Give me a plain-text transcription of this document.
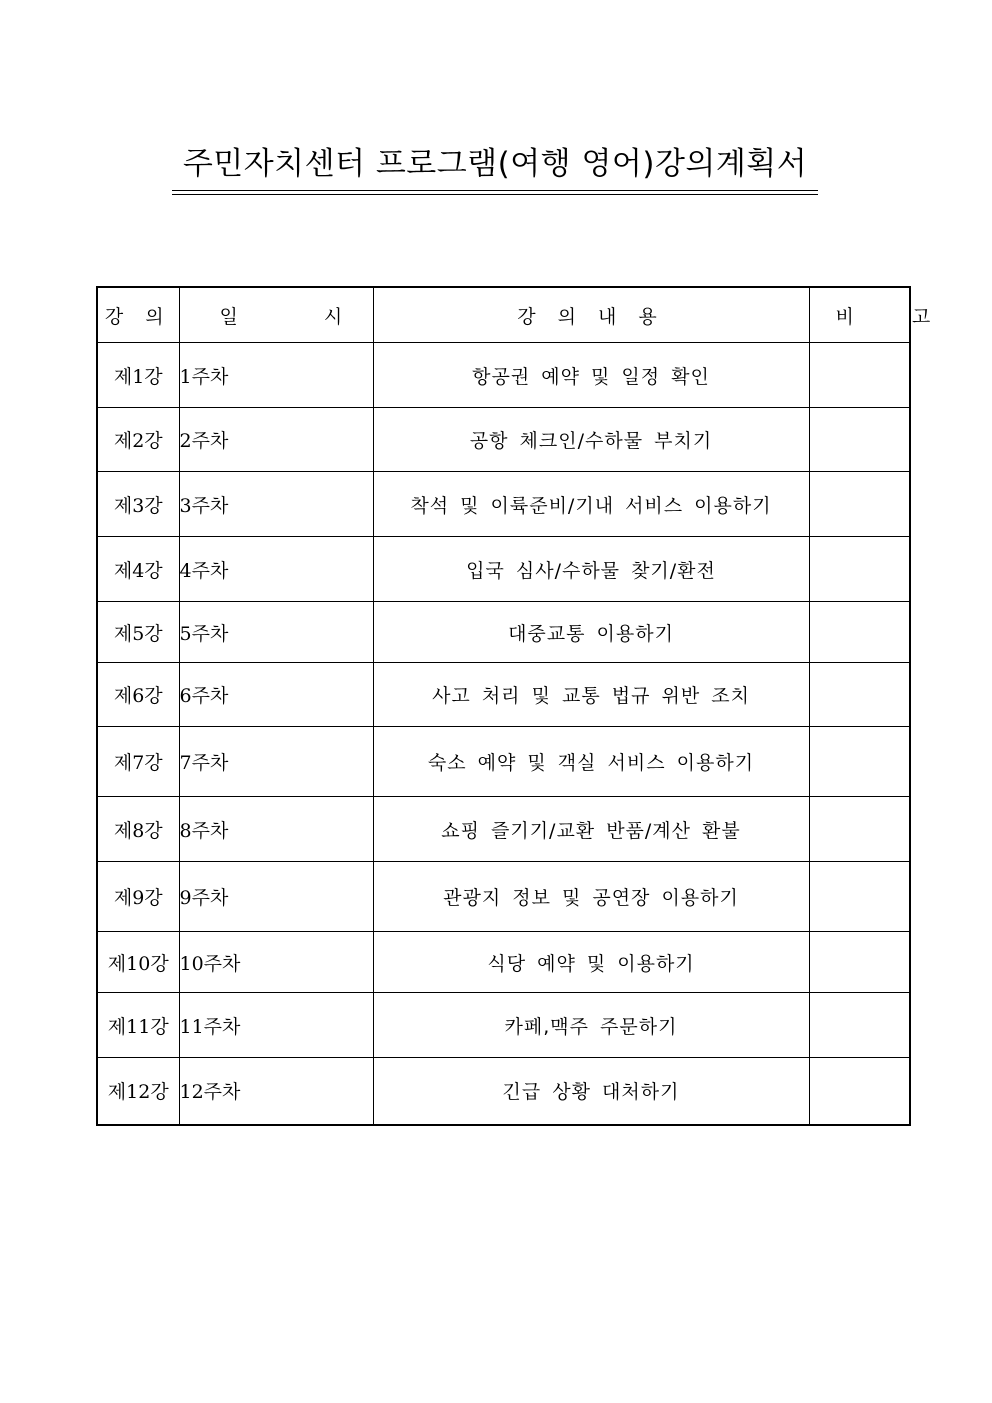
주민자치센터 프로그램(여행 영어)강의계획서
강 의	일 시	강 의 내 용	비 고
제1강	1주차	항공권 예약 및 일정 확인	
제2강	2주차	공항 체크인/수하물 부치기	
제3강	3주차	착석 및 이륙준비/기내 서비스 이용하기	
제4강	4주차	입국 심사/수하물 찾기/환전	
제5강	5주차	대중교통 이용하기	
제6강	6주차	사고 처리 및 교통 법규 위반 조치	
제7강	7주차	숙소 예약 및 객실 서비스 이용하기	
제8강	8주차	쇼핑 즐기기/교환 반품/계산 환불	
제9강	9주차	관광지 정보 및 공연장 이용하기	
제10강	10주차	식당 예약 및 이용하기	
제11강	11주차	카페,맥주 주문하기	
제12강	12주차	긴급 상황 대처하기	
